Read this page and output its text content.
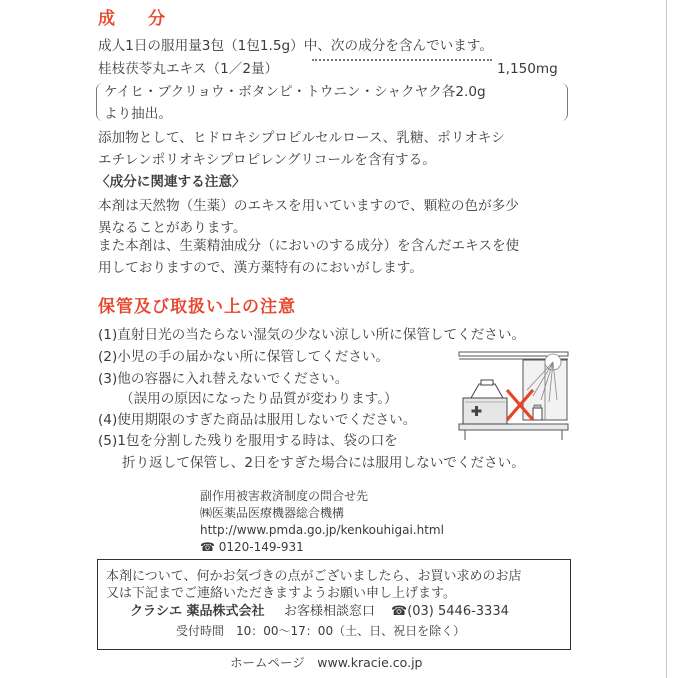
成　分
成人1日の服用量3包（1包1.5g）中、次の成分を含んでいます。
桂枝茯苓丸エキス（1／2量）	1,150mg
ケイヒ・ブクリョウ・ボタンピ・トウニン・シャクヤク各2.0g
より抽出。
添加物として、ヒドロキシプロピルセルロース、乳糖、ポリオキシ
エチレンポリオキシプロピレングリコールを含有する。
〈成分に関連する注意〉
本剤は天然物（生薬）のエキスを用いていますので、顆粒の色が多少
異なることがあります。
また本剤は、生薬精油成分（においのする成分）を含んだエキスを使
用しておりますので、漢方薬特有のにおいがします。
保管及び取扱い上の注意
(1)直射日光の当たらない湿気の少ない涼しい所に保管してください。
(2)小児の手の届かない所に保管してください。
(3)他の容器に入れ替えないでください。
（誤用の原因になったり品質が変わります。）
(4)使用期限のすぎた商品は服用しないでください。
(5)1包を分割した残りを服用する時は、袋の口を
折り返して保管し、2日をすぎた場合には服用しないでください。
副作用被害救済制度の問合せ先
㈱医薬品医療機器総合機構
http://www.pmda.go.jp/kenkouhigai.html
☎ 0120-149-931
本剤について、何かお気づきの点がございましたら、お買い求めのお店
又は下記までご連絡いただきますようお願い申し上げます。
クラシエ 薬品株式会社 お客様相談窓口 ☎(03) 5446-3334
受付時間　10：00〜17：00（土、日、祝日を除く）
ホームページ　www.kracie.co.jp
